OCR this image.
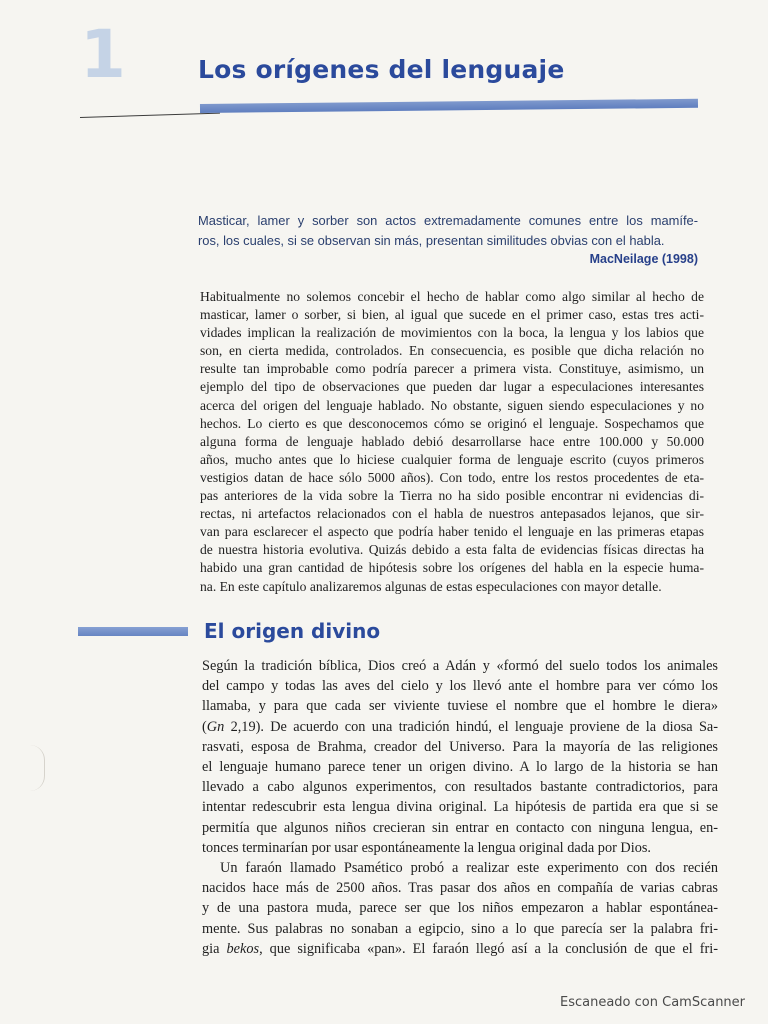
1	Los orígenes del lenguaje

Masticar, lamer y sorber son actos extremadamente comunes entre los mamífe-

ros, los cuales, si se observan sin más, presentan similitudes obvias con el habla.

MacNeilage (1998)
Habitualmente no solemos concebir el hecho de hablar como algo similar al hecho de
masticar, lamer o sorber, si bien, al igual que sucede en el primer caso, estas tres acti-
vidades implican la realización de movimientos con la boca, la lengua y los labios que
son, en cierta medida, controlados. En consecuencia, es posible que dicha relación no
resulte tan improbable como podría parecer a primera vista. Constituye, asimismo, un
ejemplo del tipo de observaciones que pueden dar lugar a especulaciones interesantes
acerca del origen del lenguaje hablado. No obstante, siguen siendo especulaciones y no
hechos. Lo cierto es que desconocemos cómo se originó el lenguaje. Sospechamos que
alguna forma de lenguaje hablado debió desarrollarse hace entre 100.000 y 50.000
años, mucho antes que lo hiciese cualquier forma de lenguaje escrito (cuyos primeros
vestigios datan de hace sólo 5000 años). Con todo, entre los restos procedentes de eta-
pas anteriores de la vida sobre la Tierra no ha sido posible encontrar ni evidencias di-
rectas, ni artefactos relacionados con el habla de nuestros antepasados lejanos, que sir-
van para esclarecer el aspecto que podría haber tenido el lenguaje en las primeras etapas
de nuestra historia evolutiva. Quizás debido a esta falta de evidencias físicas directas ha
habido una gran cantidad de hipótesis sobre los orígenes del habla en la especie huma-
na. En este capítulo analizaremos algunas de estas especulaciones con mayor detalle.
El origen divino
Según la tradición bíblica, Dios creó a Adán y «formó del suelo todos los animales
del campo y todas las aves del cielo y los llevó ante el hombre para ver cómo los
llamaba, y para que cada ser viviente tuviese el nombre que el hombre le diera»
(Gn 2,19). De acuerdo con una tradición hindú, el lenguaje proviene de la diosa Sa-
rasvati, esposa de Brahma, creador del Universo. Para la mayoría de las religiones
el lenguaje humano parece tener un origen divino. A lo largo de la historia se han
llevado a cabo algunos experimentos, con resultados bastante contradictorios, para
intentar redescubrir esta lengua divina original. La hipótesis de partida era que si se
permitía que algunos niños crecieran sin entrar en contacto con ninguna lengua, en-
tonces terminarían por usar espontáneamente la lengua original dada por Dios.
Un faraón llamado Psamético probó a realizar este experimento con dos recién
nacidos hace más de 2500 años. Tras pasar dos años en compañía de varias cabras
y de una pastora muda, parece ser que los niños empezaron a hablar espontánea-
mente. Sus palabras no sonaban a egipcio, sino a lo que parecía ser la palabra fri-
gia bekos, que significaba «pan». El faraón llegó así a la conclusión de que el fri-
Escaneado con CamScanner
